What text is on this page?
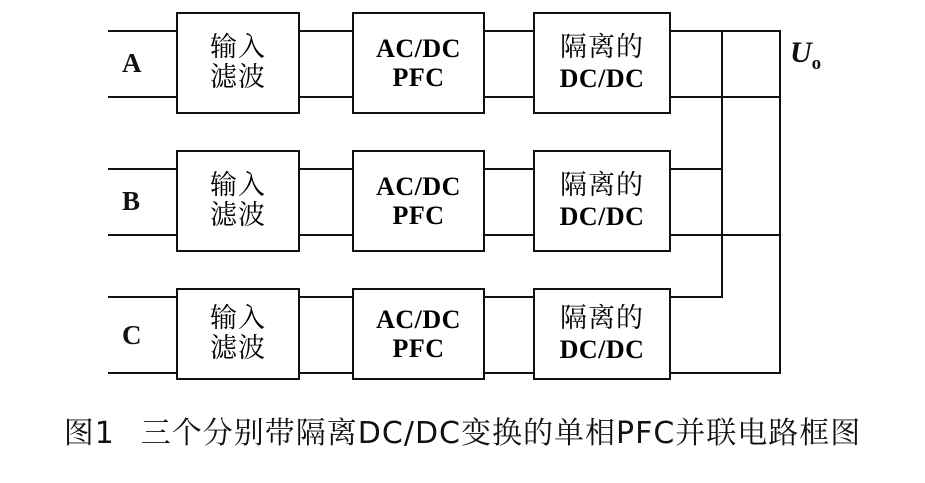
A
输入
滤波
AC/DC
PFC
隔离的
DC/DC
B
输入
滤波
AC/DC
PFC
隔离的
DC/DC
C
输入
滤波
AC/DC
PFC
隔离的
DC/DC
$U_o$
图1 三个分别带隔离DC/DC变换的单相PFC并联电路框图
